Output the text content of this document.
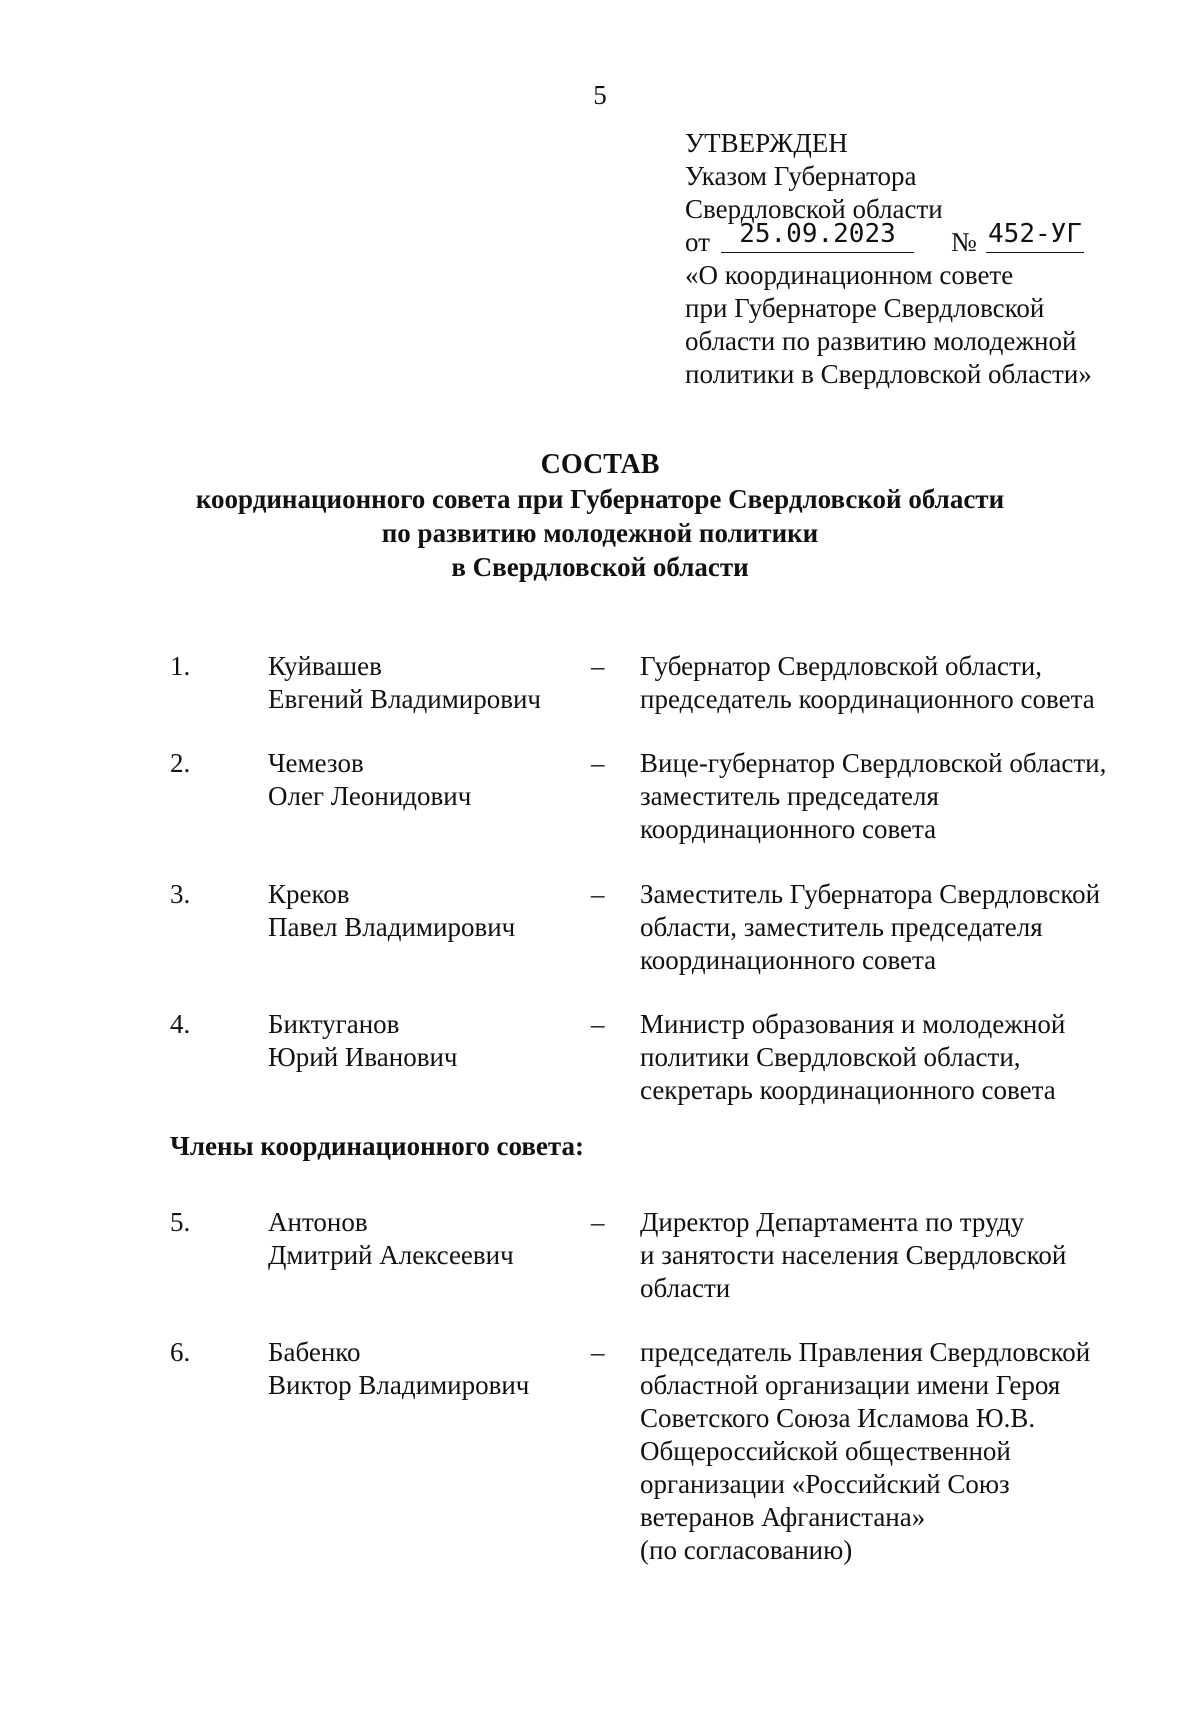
5
УТВЕРЖДЕН
Указом Губернатора
Свердловской области
от	25.09.2023	№ 452-УГ
«О координационном совете
при Губернаторе Свердловской
области по развитию молодежной
политики в Свердловской области»
СОСТАВ
координационного совета при Губернаторе Свердловской области
по развитию молодежной политики
в Свердловской области
1.	Куйвашев
Евгений Владимирович
– Губернатор Свердловской области,
председатель координационного совета
2.	Чемезов
Олег Леонидович
– Вице-губернатор Свердловской области,
заместитель председателя
координационного совета
3.	Креков
Павел Владимирович
– Заместитель Губернатора Свердловской
области, заместитель председателя
координационного совета
4.	Биктуганов
Юрий Иванович
– Министр образования и молодежной
политики Свердловской области,
секретарь координационного совета
Члены координационного совета:
5.	Антонов
Дмитрий Алексеевич
– Директор Департамента по труду
и занятости населения Свердловской
области
6.	Бабенко
Виктор Владимирович
– председатель Правления Свердловской
областной организации имени Героя
Советского Союза Исламова Ю.В.
Общероссийской общественной
организации «Российский Союз
ветеранов Афганистана»
(по согласованию)
